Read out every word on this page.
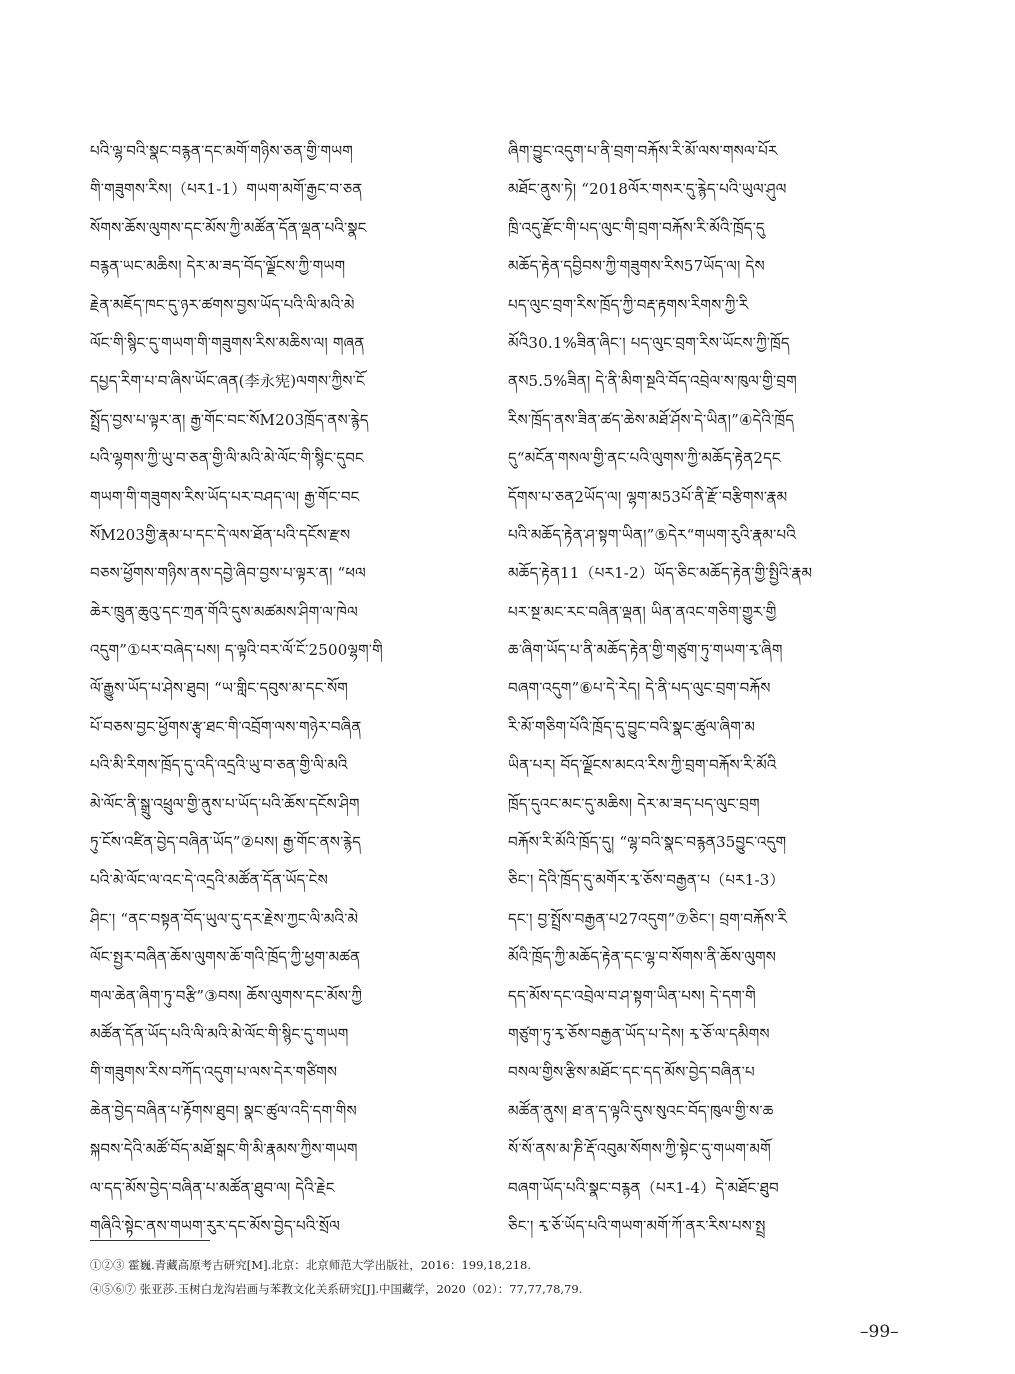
པའི་ལྷ་བའི་སྣང་བརྙན་དང་མགོ་གཉིས་ཅན་གྱི་གཡག
གི་གཟུགས་རིས།（པར1-1）གཡག་མགོ་རྒྱང་བ་ཅན
སོགས་ཆོས་ལུགས་དང་མོས་ཀྱི་མཚོན་དོན་ལྡན་པའི་སྣང
བརྙན་ཡང་མཆིས། དེར་མ་ཟད་བོད་ལྗོངས་ཀྱི་གཡག
རྗེན་མཇོད་ཁང་དུ་ཉར་ཚགས་བྱས་ཡོད་པའི་ལི་མའི་མེ
ལོང་གི་སྙིང་དུ་གཡག་གི་གཟུགས་རིས་མཆིས་ལ། གཞན
དཔྱད་རིག་པ་བ་ཞིས་ཡོང་ཞན(李永宪)ལགས་ཀྱིས་ངོ
སྤྲོད་བྱས་པ་ལྟར་ན། རྒྱ་གོང་བང་སོM203ཁྲོད་ནས་རྙེད
པའི་ལྷགས་ཀྱི་ཡུ་བ་ཅན་གྱི་ལི་མའི་མེ་ལོང་གི་སྙིང་དུབང
གཡག་གི་གཟུགས་རིས་ཡོད་པར་བཤད་ལ། རྒྱ་གོང་བང
སོM203གྱི་རྣམ་པ་དང་དེ་ལས་ཐོན་པའི་དངོས་རྫས
བཅས་ཕྱོགས་གཉིས་ནས་དབྱེ་ཞིབ་བྱས་པ་ལྟར་ན། “ཕལ
ཆེར་ཁྲུན་ཆུའུ་དང་ཀྲན་གོའི་དུས་མཚམས་ཤིག་ལ་ཁེལ
འདུག”①པར་བཞེད་པས། ད་ལྟའི་བར་ལོ་ངོ་2500ལྷག་གི
ལོ་རྒྱུས་ཡོད་པ་ཤེས་ཐུབ། “ཡ་གླིང་དབུས་མ་དང་སོག
པོ་བཅས་བྱང་ཕྱོགས་རྩྭ་ཐང་གི་འབྲོག་ལས་གཉེར་བཞིན
པའི་མི་རིགས་ཁྲོད་དུ་འདི་འདྲའི་ཡུ་བ་ཅན་གྱི་ལི་མའི
མེ་ལོང་ནི་སྒྲུ་འཕྲུལ་གྱི་ནུས་པ་ཡོད་པའི་ཆོས་དངོས་ཤིག
ཏུ་ངོས་འཛིན་བྱེད་བཞིན་ཡོད”②པས། རྒྱ་གོང་ནས་རྙེད
པའི་མེ་ལོང་ལ་འང་དེ་འདྲའི་མཚོན་དོན་ཡོད་ངེས
ཤིང་། “ནང་བསྟན་བོད་ཡུལ་དུ་དར་རྗེས་ཀྱང་ལི་མའི་མེ
ལོང་སྤྱར་བཞིན་ཆོས་ལུགས་ཆོ་གའི་ཁྲོད་ཀྱི་ཕྱག་མཚན
གལ་ཆེན་ཞིག་ཏུ་བརྩི”③བས། ཆོས་ལུགས་དང་མོས་ཀྱི
མཚོན་དོན་ཡོད་པའི་ལི་མའི་མེ་ལོང་གི་སྙིང་དུ་གཡག
གི་གཟུགས་རིས་བཀོད་འདུག་པ་ལས་དེར་གཙིགས
ཆེན་བྱེད་བཞིན་པ་རྟོགས་ཐུབ། སྣང་ཚུལ་འདི་དག་གིས
སྐབས་དེའི་མཚོ་བོད་མཐོ་སྒང་གི་མི་རྣམས་ཀྱིས་གཡག
ལ་དད་མོས་བྱེད་བཞིན་པ་མཚོན་ཐུབ་ལ། དེའི་རྗེང
གཞིའི་སྟེང་ནས་གཡག་རུར་དང་མོས་བྱེད་པའི་སྲོལ
ཞིག་བྱུང་འདུག་པ་ནི་བྲག་བརྐོས་རི་མོ་ལས་གསལ་པོར
མཐོང་ནུས་ཏེ། “2018ལོར་གསར་དུ་རྙེད་པའི་ཡུལ་ཤུལ
ཁྲི་འདུ་རྫོང་གི་པད་ལུང་གི་བྲག་བརྐོས་རི་མོའི་ཁྲོད་དུ
མཆོད་རྟེན་དབྱིབས་ཀྱི་གཟུགས་རིས57ཡོད་ལ། དེས
པད་ལུང་བྲག་རིས་ཁྲོད་ཀྱི་བརྡ་རྟགས་རིགས་ཀྱི་རི
མོའི30.1%ཟིན་ཞིང་། པད་ལུང་བྲག་རིས་ཡོངས་ཀྱི་ཁྲོད
ནས5.5%ཟིན། དེ་ནི་མིག་སྔའི་བོད་འབྲེལ་ས་ཁུལ་གྱི་བྲག
རིས་ཁྲོད་ནས་ཟིན་ཚད་ཆེས་མཐོ་ཤོས་དེ་ཡིན།”④དེའི་ཁྲོད
དུ“མངོན་གསལ་གྱི་ནང་པའི་ལུགས་ཀྱི་མཆོད་རྟེན2དང
དོགས་པ་ཅན2ཡོད་ལ། ལྷག་མ53པོ་ནི་རྫོ་བརྩིགས་རྣམ
པའི་མཆོད་རྟེན་ཤ་སྟག་ཡིན།”⑤དེར“གཡག་རུའི་རྣམ་པའི
མཆོད་རྟེན11（པར1-2）ཡོད་ཅིང་མཆོད་རྟེན་གྱི་སྤྱིའི་རྣམ
པར་སྔ་མང་རང་བཞིན་ལྡན། ཡིན་ནའང་གཅིག་གྱུར་གྱི
ཆ་ཞིག་ཡོད་པ་ནི་མཆོད་རྟེན་གྱི་གཙུག་ཏུ་གཡག་རྭ་ཞིག
བཞག་འདུག”⑥པ་དེ་རེད། དེ་ནི་པད་ལུང་བྲག་བརྐོས
རི་མོ་གཅིག་པོའི་ཁྲོད་དུ་བྱུང་བའི་སྣང་ཚུལ་ཞིག་མ
ཡིན་པར། བོད་ལྗོངས་མངའ་རིས་ཀྱི་བྲག་བརྐོས་རི་མོའི
ཁྲོད་དུའང་མང་དུ་མཆིས། དེར་མ་ཟད་པད་ལུང་བྲག
བརྐོས་རི་མོའི་ཁྲོད་དུ། “ལྷ་བའི་སྣང་བརྙན35བྱུང་འདུག
ཅིང་། དེའི་ཁྲོད་དུ་མགོར་རྭ་ཅོས་བརྒྱན་པ（པར1-3）
དང་། བྱ་སྤྲོས་བརྒྱན་པ27འདུག”⑦ཅིང་། བྲག་བརྐོས་རི
མོའི་ཁྲོད་ཀྱི་མཆོད་རྟེན་དང་ལྷ་བ་སོགས་ནི་ཆོས་ལུགས
དད་མོས་དང་འབྲེལ་བ་ཤ་སྟག་ཡིན་པས། དེ་དག་གི
གཙུག་ཏུ་རྭ་ཅོས་བརྒྱན་ཡོད་པ་དེས། རྭ་ཅོ་ལ་དམིགས
བསལ་གྱིས་རྩིས་མཐོང་དང་དད་མོས་བྱེད་བཞིན་པ
མཚོན་ནུས། ཐ་ན་ད་ལྟའི་དུས་སུའང་བོད་ཁུལ་གྱི་ས་ཆ
སོ་སོ་ནས་མ་ཎི་རྡོ་འབུམ་སོགས་ཀྱི་སྟེང་དུ་གཡག་མགོ
བཞག་ཡོད་པའི་སྣང་བརྙན（པར1-4）དེ་མཐོང་ཐུབ
ཅིང་། རྭ་ཅོ་ཡོད་པའི་གཡག་མགོ་ཀོ་ནར་རིས་པས་སྤྲ
①②③ 霍巍.青藏高原考古研究[M].北京：北京师范大学出版社，2016：199,18,218.
④⑤⑥⑦ 张亚莎.玉树白龙沟岩画与苯教文化关系研究[J].中国藏学，2020（02）：77,77,78,79.
–99–
